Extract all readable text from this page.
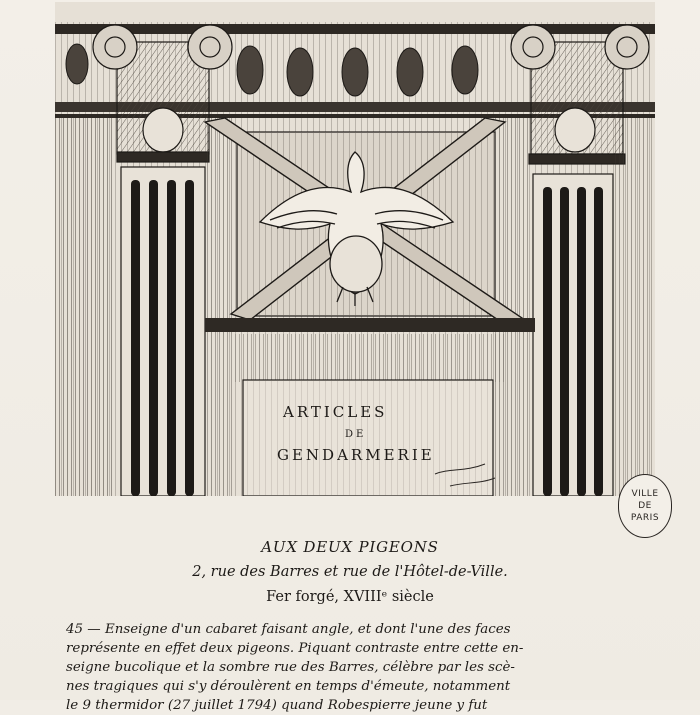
ARTICLES
DE
GENDARMERIE
VILLE
DE
PARIS
AUX DEUX PIGEONS
2, rue des Barres et rue de l'Hôtel-de-Ville.
Fer forgé, XVIIIᵉ siècle
45 — Enseigne d'un cabaret faisant angle, et dont l'une des faces
représente en effet deux pigeons. Piquant contraste entre cette en-
seigne bucolique et la sombre rue des Barres, célèbre par les scè-
nes tragiques qui s'y déroulèrent en temps d'émeute, notamment
le 9 thermidor (27 juillet 1794) quand Robespierre jeune y fut
